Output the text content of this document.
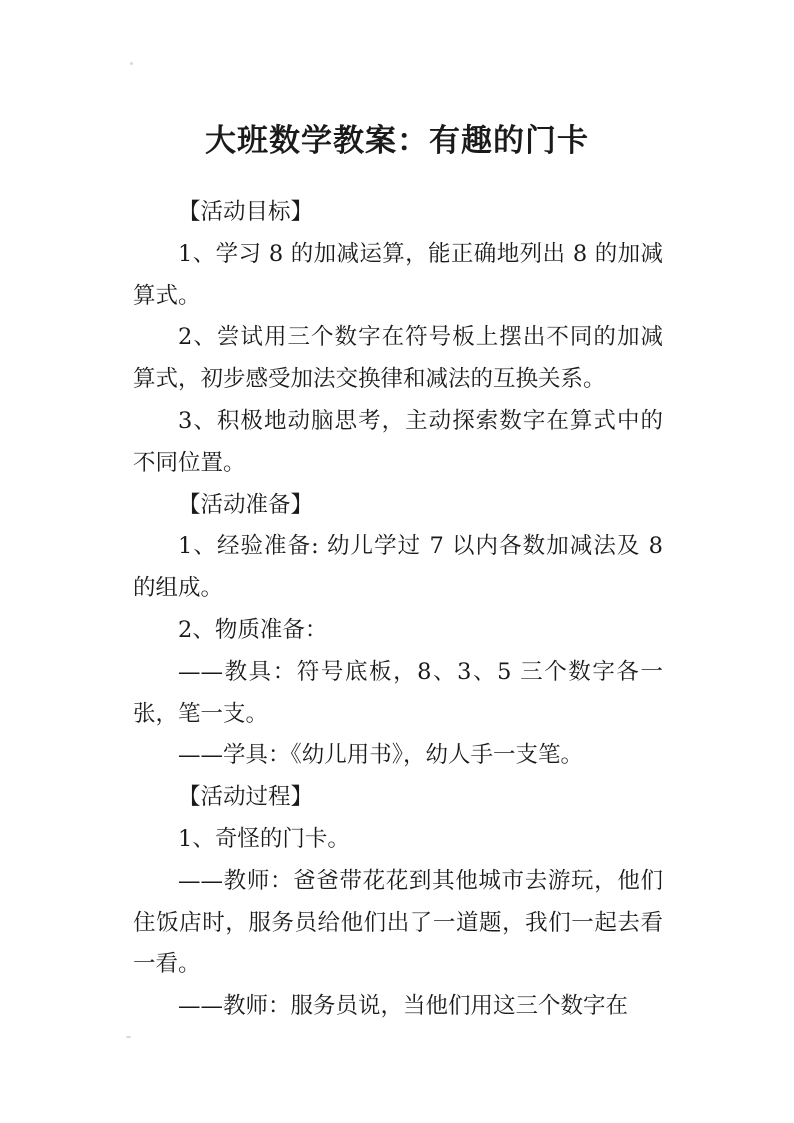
大班数学教案：有趣的门卡

【活动目标】

1、学习 8 的加减运算，能正确地列出 8 的加减算式。

2、尝试用三个数字在符号板上摆出不同的加减算式，初步感受加法交换律和减法的互换关系。

3、积极地动脑思考，主动探索数字在算式中的不同位置。

【活动准备】

1、经验准备: 幼儿学过 7 以内各数加减法及 8 的组成。

2、物质准备：

——教具：符号底板，8、3、5 三个数字各一张，笔一支。

——学具：《幼儿用书》，幼人手一支笔。

【活动过程】

1、奇怪的门卡。

——教师：爸爸带花花到其他城市去游玩，他们住饭店时，服务员给他们出了一道题，我们一起去看一看。

——教师：服务员说，当他们用这三个数字在
